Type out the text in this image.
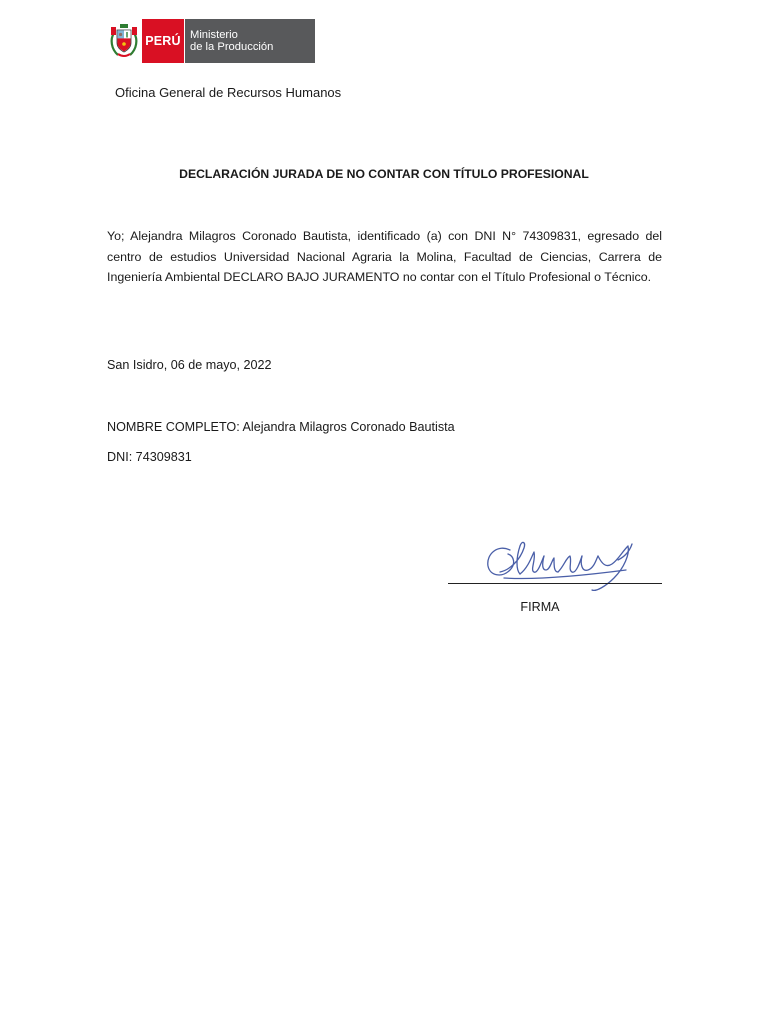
PERÚ Ministerio
de la Producción
Oficina General de Recursos Humanos
DECLARACIÓN JURADA DE NO CONTAR CON TÍTULO PROFESIONAL
Yo; Alejandra Milagros Coronado Bautista, identificado (a) con DNI N° 74309831, egresado del centro de estudios Universidad Nacional Agraria la Molina, Facultad de Ciencias, Carrera de Ingeniería Ambiental DECLARO BAJO JURAMENTO no contar con el Título Profesional o Técnico.
San Isidro, 06 de mayo, 2022
NOMBRE COMPLETO: Alejandra Milagros Coronado Bautista
DNI: 74309831
FIRMA
